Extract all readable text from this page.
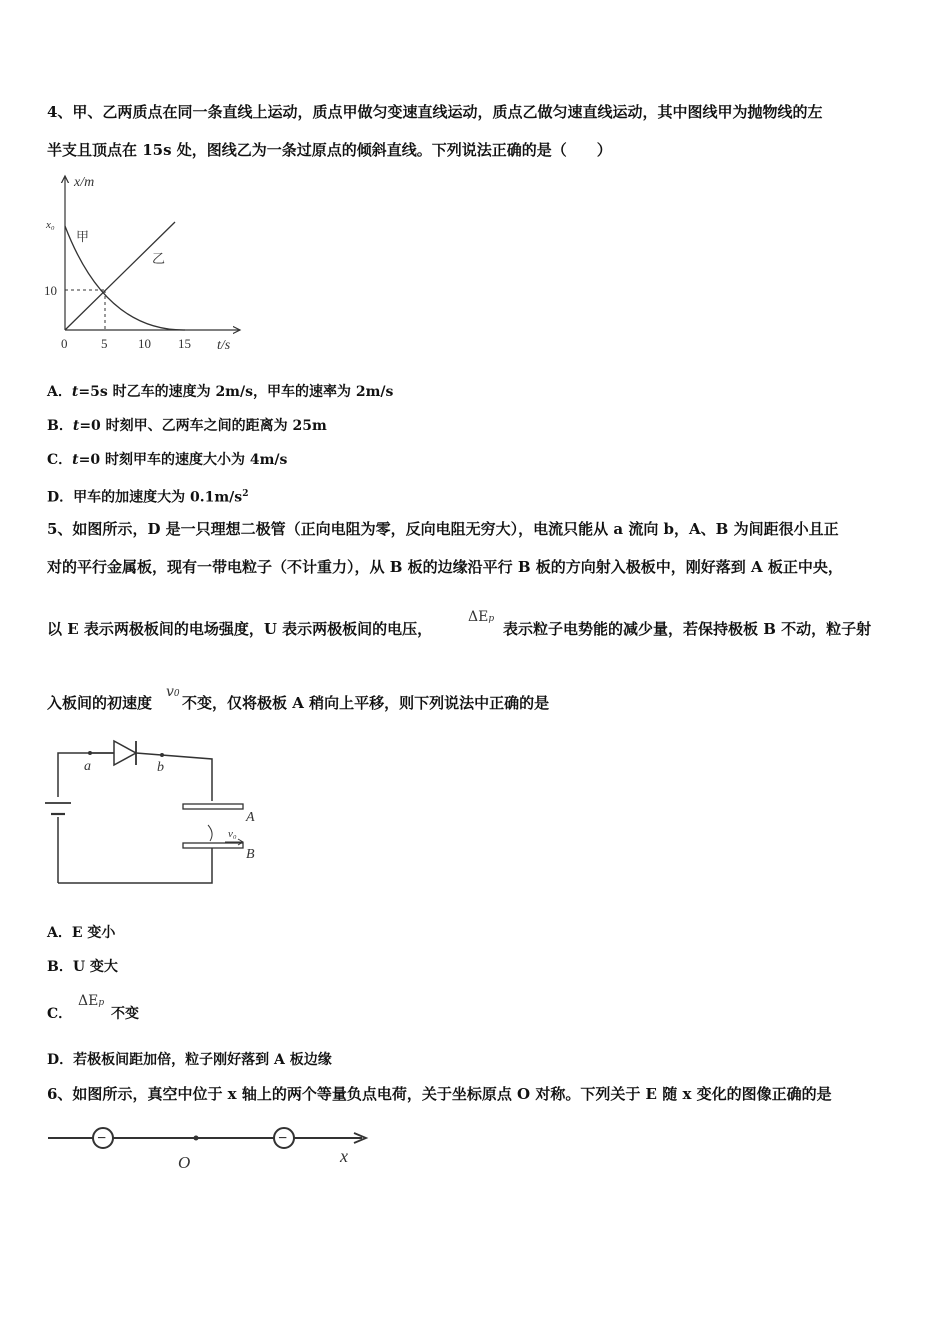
4、甲、乙两质点在同一条直线上运动，质点甲做匀变速直线运动，质点乙做匀速直线运动，其中图线甲为抛物线的左
半支且顶点在 15s 处，图线乙为一条过原点的倾斜直线。下列说法正确的是（　　）
x/m
t/s
x₀
10
0	5 10 15
甲
乙
A．t=5s 时乙车的速度为 2m/s，甲车的速率为 2m/s
B．t=0 时刻甲、乙两车之间的距离为 25m
C．t=0 时刻甲车的速度大小为 4m/s
D．甲车的加速度大为 $0.1m/s^2$
5、如图所示，D 是一只理想二极管（正向电阻为零，反向电阻无穷大），电流只能从 a 流向 b，A、B 为间距很小且正
对的平行金属板，现有一带电粒子（不计重力），从 B 板的边缘沿平行 B 板的方向射入极板中，刚好落到 A 板正中央，
以 E 表示两极板间的电场强度，U 表示两极板间的电压，
ΔEp
表示粒子电势能的减少量，若保持极板 B 不动，粒子射
入板间的初速度
v0 不变，仅将极板 A 稍向上平移，则下列说法中正确的是
a	b
A
B
v₀
A．E 变小
B．U 变大
C．
ΔEp
不变
D．若极板间距加倍，粒子刚好落到 A 板边缘
6、如图所示，真空中位于 x 轴上的两个等量负点电荷，关于坐标原点 O 对称。下列关于 E 随 x 变化的图像正确的是
−	−
O	x
